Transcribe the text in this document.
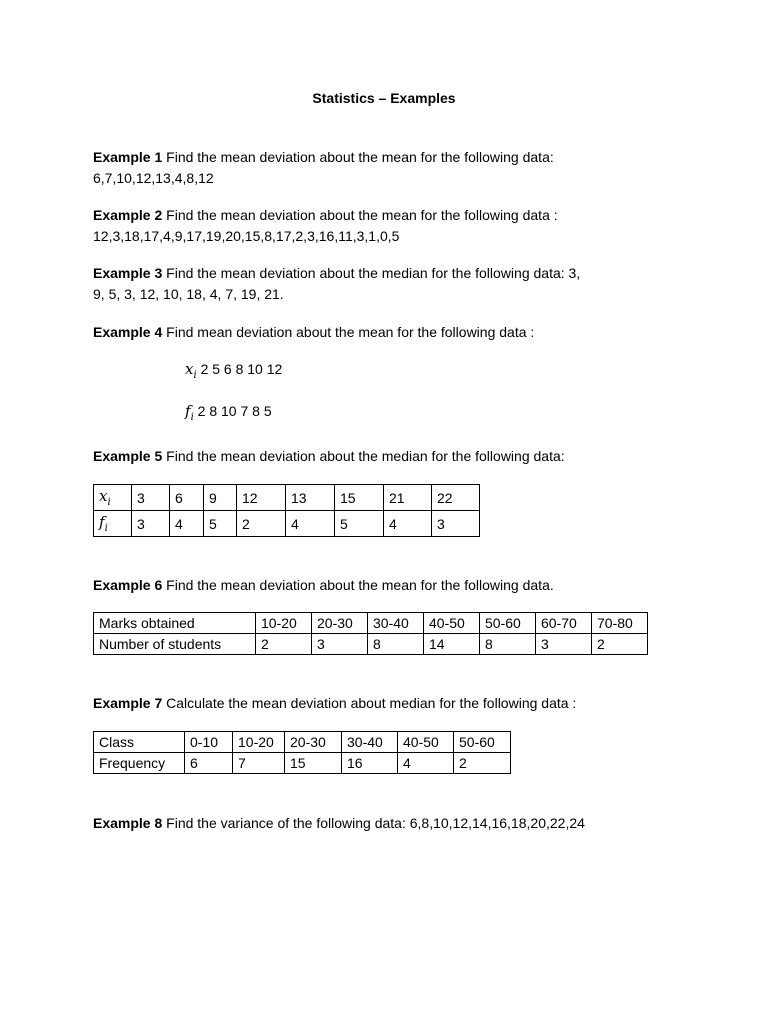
Statistics – Examples
Example 1 Find the mean deviation about the mean for the following data:
6,7,10,12,13,4,8,12
Example 2 Find the mean deviation about the mean for the following data :
12,3,18,17,4,9,17,19,20,15,8,17,2,3,16,11,3,1,0,5
Example 3 Find the mean deviation about the median for the following data: 3,
9, 5, 3, 12, 10, 18, 4, 7, 19, 21.
Example 4 Find mean deviation about the mean for the following data :
$x_i$ 2 5 6 8 10 12
$f_i$ 2 8 10 7 8 5
Example 5 Find the mean deviation about the median for the following data:
$x_i$	3	6	9	12	13	15	21	22
$f_i$	3	4	5	2	4	5	4	3
Example 6 Find the mean deviation about the mean for the following data.
Marks obtained	10-20	20-30	30-40	40-50	50-60	60-70	70-80
Number of students	2	3	8	14	8	3	2
Example 7 Calculate the mean deviation about median for the following data :
Class	0-10	10-20	20-30	30-40	40-50	50-60
Frequency	6	7	15	16	4	2
Example 8 Find the variance of the following data: 6,8,10,12,14,16,18,20,22,24
